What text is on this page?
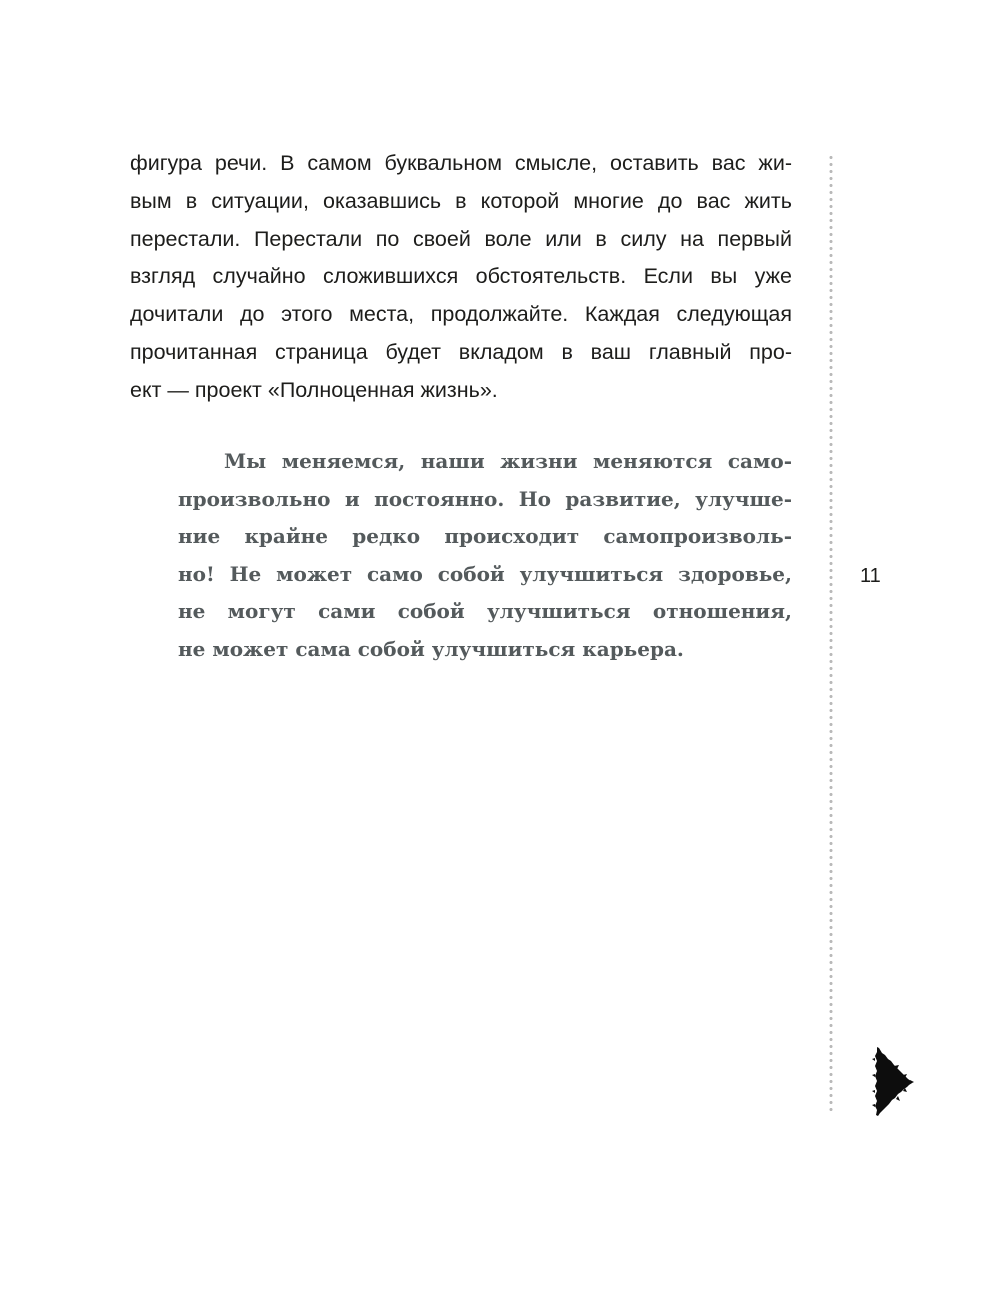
фигура речи. В самом буквальном смысле, оставить вас жи-
вым в ситуации, оказавшись в которой многие до вас жить
перестали. Перестали по своей воле или в силу на первый
взгляд случайно сложившихся обстоятельств. Если вы уже
дочитали до этого места, продолжайте. Каждая следующая
прочитанная страница будет вкладом в ваш главный про-
ект — проект «Полноценная жизнь».
Мы меняемся, наши жизни меняются само-
произвольно и постоянно. Но развитие, улучше-
ние крайне редко происходит самопроизволь-
но! Не может само собой улучшиться здоровье,
не могут сами собой улучшиться отношения,
не может сама собой улучшиться карьера.
11
